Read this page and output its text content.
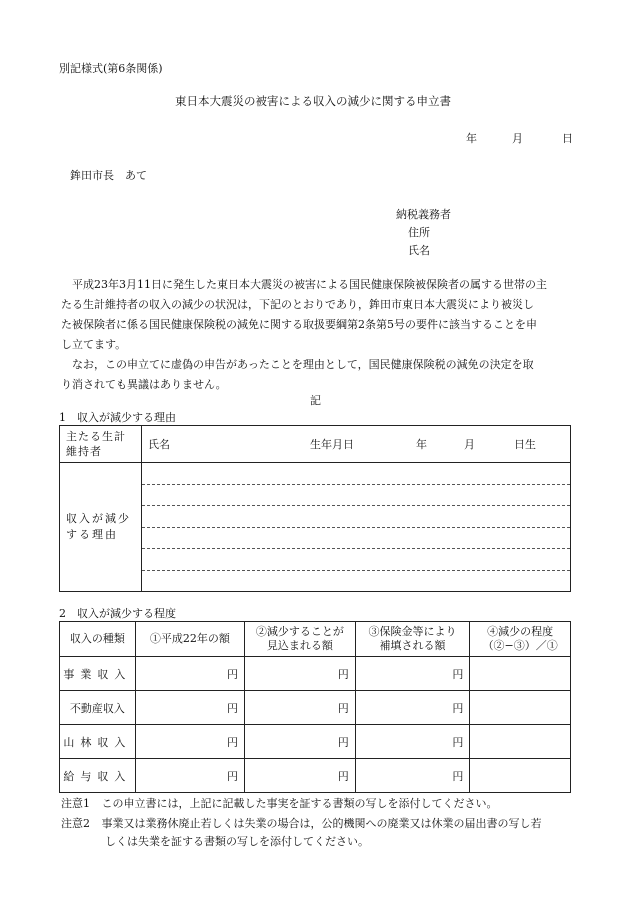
別記様式(第6条関係)
東日本大震災の被害による収入の減少に関する申立書
年	月	日
鉾田市長　あて
納税義務者
住所
氏名
平成23年3月11日に発生した東日本大震災の被害による国民健康保険被保険者の属する世帯の主
たる生計維持者の収入の減少の状況は，下記のとおりであり，鉾田市東日本大震災により被災し
た被保険者に係る国民健康保険税の減免に関する取扱要綱第2条第5号の要件に該当することを申
し立てます。
なお，この申立てに虚偽の申告があったことを理由として，国民健康保険税の減免の決定を取
り消されても異議はありません。
記
1　収入が減少する理由
主たる生計維持者	氏名 生年月日 年 月 日生

収入が減少する理由	

2　収入が減少する程度
収入の種類	①平成22年の額	②減少することが見込まれる額	③保険金等により補填される額	④減少の程度（②−③）／①

事業収入	円	円	円	
不動産収入	円	円	円	
山林収入	円	円	円	
給与収入	円	円	円	
注意1 この申立書には，上記に記載した事実を証する書類の写しを添付してください。
注意2 事業又は業務休廃止若しくは失業の場合は，公的機関への廃業又は休業の届出書の写し若
しくは失業を証する書類の写しを添付してください。
